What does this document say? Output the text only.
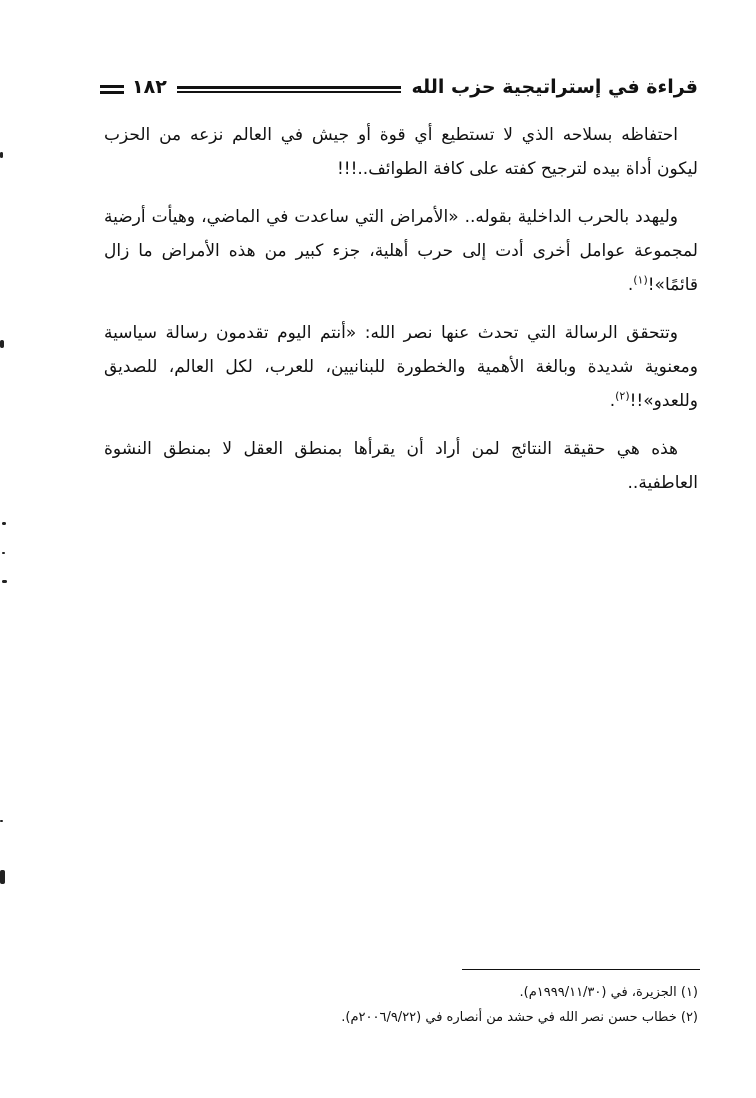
قراءة في إستراتيجية حزب الله
١٨٢

احتفاظه بسلاحه الذي لا تستطيع أي قوة أو جيش في العالم نزعه من الحزب ليكون أداة بيده لترجيح كفته على كافة الطوائف..!!!

وليهدد بالحرب الداخلية بقوله.. «الأمراض التي ساعدت في الماضي، وهيأت أرضية لمجموعة عوامل أخرى أدت إلى حرب أهلية، جزء كبير من هذه الأمراض ما زال قائمًا»!$^{(١)}$.

وتتحقق الرسالة التي تحدث عنها نصر الله: «أنتم اليوم تقدمون رسالة سياسية ومعنوية شديدة وبالغة الأهمية والخطورة للبنانيين، للعرب، لكل العالم، للصديق وللعدو»!!$^{(٢)}$.

هذه هي حقيقة النتائج لمن أراد أن يقرأها بمنطق العقل لا بمنطق النشوة العاطفية..

(١) الجزيرة، في (١٩٩٩/١١/٣٠م).
(٢) خطاب حسن نصر الله في حشد من أنصاره في (٢٠٠٦/٩/٢٢م).
